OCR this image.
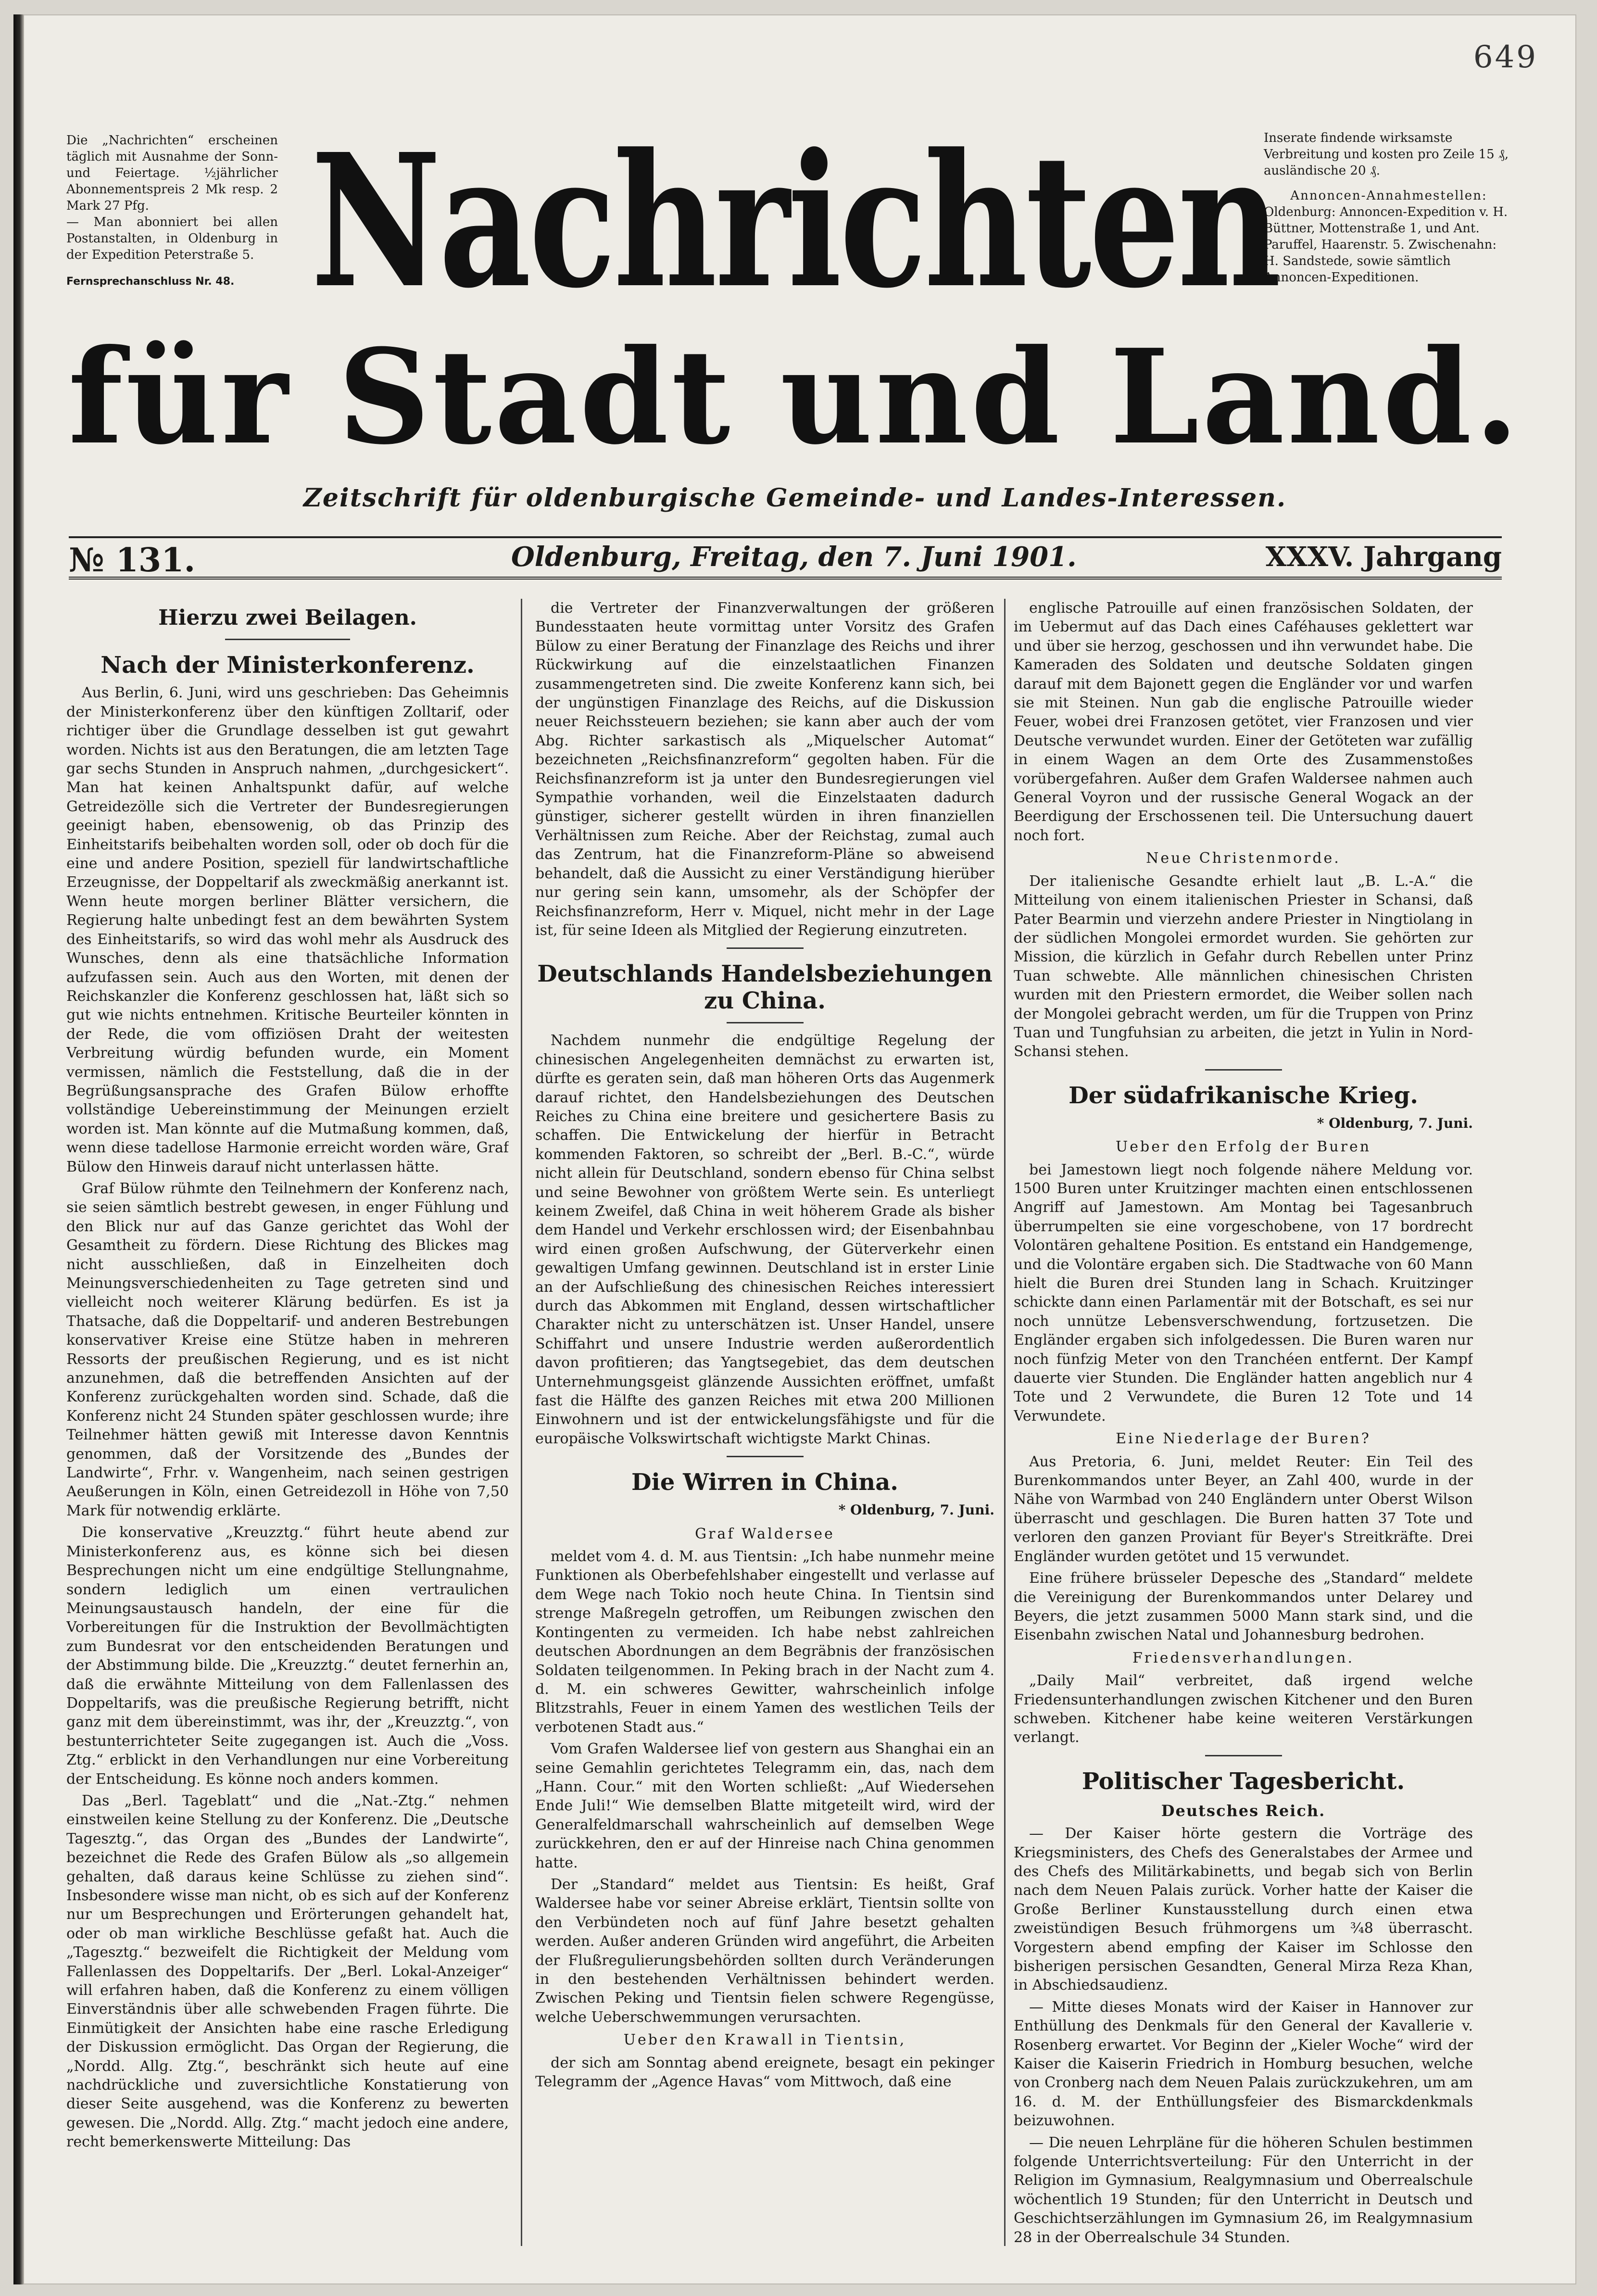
649
Die „Nachrichten“ erscheinen täglich mit Ausnahme der Sonn- und Feiertage. ½jährlicher Abonnementspreis 2 Mk resp. 2 Mark 27 Pfg.
— Man abonniert bei allen Postanstalten, in Oldenburg in der Expedition Peterstraße 5.
Fernsprechanschluss Nr. 48.
Inserate findende wirksamste Verbreitung und kosten pro Zeile 15 ₰, ausländische 20 ₰.
Annoncen-Annahmestellen:
Oldenburg: Annoncen-Expedition v. H. Büttner, Mottenstraße 1, und Ant. Paruffel, Haarenstr. 5. Zwischenahn: H. Sandstede, sowie sämtlich Annoncen-Expeditionen.
Nachrichten
für Stadt und Land.
Zeitschrift für oldenburgische Gemeinde- und Landes-Interessen.
№ 131.	Oldenburg, Freitag, den 7. Juni 1901.	XXXV. Jahrgang
Hierzu zwei Beilagen.
Nach der Ministerkonferenz.

Aus Berlin, 6. Juni, wird uns geschrieben: Das Geheimnis der Ministerkonferenz über den künftigen Zolltarif, oder richtiger über die Grundlage desselben ist gut gewahrt worden. Nichts ist aus den Beratungen, die am letzten Tage gar sechs Stunden in Anspruch nahmen, „durchgesickert“. Man hat keinen Anhaltspunkt dafür, auf welche Getreidezölle sich die Vertreter der Bundesregierungen geeinigt haben, ebensowenig, ob das Prinzip des Einheitstarifs beibehalten worden soll, oder ob doch für die eine und andere Position, speziell für landwirtschaftliche Erzeugnisse, der Doppeltarif als zweckmäßig anerkannt ist. Wenn heute morgen berliner Blätter versichern, die Regierung halte unbedingt fest an dem bewährten System des Einheitstarifs, so wird das wohl mehr als Ausdruck des Wunsches, denn als eine thatsächliche Information aufzufassen sein. Auch aus den Worten, mit denen der Reichskanzler die Konferenz geschlossen hat, läßt sich so gut wie nichts entnehmen. Kritische Beurteiler könnten in der Rede, die vom offiziösen Draht der weitesten Verbreitung würdig befunden wurde, ein Moment vermissen, nämlich die Feststellung, daß die in der Begrüßungsansprache des Grafen Bülow erhoffte vollständige Uebereinstimmung der Meinungen erzielt worden ist. Man könnte auf die Mutmaßung kommen, daß, wenn diese tadellose Harmonie erreicht worden wäre, Graf Bülow den Hinweis darauf nicht unterlassen hätte.

Graf Bülow rühmte den Teilnehmern der Konferenz nach, sie seien sämtlich bestrebt gewesen, in enger Fühlung und den Blick nur auf das Ganze gerichtet das Wohl der Gesamtheit zu fördern. Diese Richtung des Blickes mag nicht ausschließen, daß in Einzelheiten doch Meinungsverschiedenheiten zu Tage getreten sind und vielleicht noch weiterer Klärung bedürfen. Es ist ja Thatsache, daß die Doppeltarif- und anderen Bestrebungen konservativer Kreise eine Stütze haben in mehreren Ressorts der preußischen Regierung, und es ist nicht anzunehmen, daß die betreffenden Ansichten auf der Konferenz zurückgehalten worden sind. Schade, daß die Konferenz nicht 24 Stunden später geschlossen wurde; ihre Teilnehmer hätten gewiß mit Interesse davon Kenntnis genommen, daß der Vorsitzende des „Bundes der Landwirte“, Frhr. v. Wangenheim, nach seinen gestrigen Aeußerungen in Köln, einen Getreidezoll in Höhe von 7,50 Mark für notwendig erklärte.

Die konservative „Kreuzztg.“ führt heute abend zur Ministerkonferenz aus, es könne sich bei diesen Besprechungen nicht um eine endgültige Stellungnahme, sondern lediglich um einen vertraulichen Meinungsaustausch handeln, der eine für die Vorbereitungen für die Instruktion der Bevollmächtigten zum Bundesrat vor den entscheidenden Beratungen und der Abstimmung bilde. Die „Kreuzztg.“ deutet fernerhin an, daß die erwähnte Mitteilung von dem Fallenlassen des Doppeltarifs, was die preußische Regierung betrifft, nicht ganz mit dem übereinstimmt, was ihr, der „Kreuzztg.“, von bestunterrichteter Seite zugegangen ist. Auch die „Voss. Ztg.“ erblickt in den Verhandlungen nur eine Vorbereitung der Entscheidung. Es könne noch anders kommen.

Das „Berl. Tageblatt“ und die „Nat.-Ztg.“ nehmen einstweilen keine Stellung zu der Konferenz. Die „Deutsche Tagesztg.“, das Organ des „Bundes der Landwirte“, bezeichnet die Rede des Grafen Bülow als „so allgemein gehalten, daß daraus keine Schlüsse zu ziehen sind“. Insbesondere wisse man nicht, ob es sich auf der Konferenz nur um Besprechungen und Erörterungen gehandelt hat, oder ob man wirkliche Beschlüsse gefaßt hat. Auch die „Tagesztg.“ bezweifelt die Richtigkeit der Meldung vom Fallenlassen des Doppeltarifs. Der „Berl. Lokal-Anzeiger“ will erfahren haben, daß die Konferenz zu einem völligen Einverständnis über alle schwebenden Fragen führte. Die Einmütigkeit der Ansichten habe eine rasche Erledigung der Diskussion ermöglicht. Das Organ der Regierung, die „Nordd. Allg. Ztg.“, beschränkt sich heute auf eine nachdrückliche und zuversichtliche Konstatierung von dieser Seite ausgehend, was die Konferenz zu bewerten gewesen. Die „Nordd. Allg. Ztg.“ macht jedoch eine andere, recht bemerkenswerte Mitteilung: Das

die Vertreter der Finanzverwaltungen der größeren Bundesstaaten heute vormittag unter Vorsitz des Grafen Bülow zu einer Beratung der Finanzlage des Reichs und ihrer Rückwirkung auf die einzelstaatlichen Finanzen zusammengetreten sind. Die zweite Konferenz kann sich, bei der ungünstigen Finanzlage des Reichs, auf die Diskussion neuer Reichssteuern beziehen; sie kann aber auch der vom Abg. Richter sarkastisch als „Miquelscher Automat“ bezeichneten „Reichsfinanzreform“ gegolten haben. Für die Reichsfinanzreform ist ja unter den Bundesregierungen viel Sympathie vorhanden, weil die Einzelstaaten dadurch günstiger, sicherer gestellt würden in ihren finanziellen Verhältnissen zum Reiche. Aber der Reichstag, zumal auch das Zentrum, hat die Finanzreform-Pläne so abweisend behandelt, daß die Aussicht zu einer Verständigung hierüber nur gering sein kann, umsomehr, als der Schöpfer der Reichsfinanzreform, Herr v. Miquel, nicht mehr in der Lage ist, für seine Ideen als Mitglied der Regierung einzutreten.

Deutschlands Handelsbeziehungen zu China.

Nachdem nunmehr die endgültige Regelung der chinesischen Angelegenheiten demnächst zu erwarten ist, dürfte es geraten sein, daß man höheren Orts das Augenmerk darauf richtet, den Handelsbeziehungen des Deutschen Reiches zu China eine breitere und gesichertere Basis zu schaffen. Die Entwickelung der hierfür in Betracht kommenden Faktoren, so schreibt der „Berl. B.-C.“, würde nicht allein für Deutschland, sondern ebenso für China selbst und seine Bewohner von größtem Werte sein. Es unterliegt keinem Zweifel, daß China in weit höherem Grade als bisher dem Handel und Verkehr erschlossen wird; der Eisenbahnbau wird einen großen Aufschwung, der Güterverkehr einen gewaltigen Umfang gewinnen. Deutschland ist in erster Linie an der Aufschließung des chinesischen Reiches interessiert durch das Abkommen mit England, dessen wirtschaftlicher Charakter nicht zu unterschätzen ist. Unser Handel, unsere Schiffahrt und unsere Industrie werden außerordentlich davon profitieren; das Yangtsegebiet, das dem deutschen Unternehmungsgeist glänzende Aussichten eröffnet, umfaßt fast die Hälfte des ganzen Reiches mit etwa 200 Millionen Einwohnern und ist der entwickelungsfähigste und für die europäische Volkswirtschaft wichtigste Markt Chinas.

Die Wirren in China.
* Oldenburg, 7. Juni.
Graf Waldersee

meldet vom 4. d. M. aus Tientsin: „Ich habe nunmehr meine Funktionen als Oberbefehlshaber eingestellt und verlasse auf dem Wege nach Tokio noch heute China. In Tientsin sind strenge Maßregeln getroffen, um Reibungen zwischen den Kontingenten zu vermeiden. Ich habe nebst zahlreichen deutschen Abordnungen an dem Begräbnis der französischen Soldaten teilgenommen. In Peking brach in der Nacht zum 4. d. M. ein schweres Gewitter, wahrscheinlich infolge Blitzstrahls, Feuer in einem Yamen des westlichen Teils der verbotenen Stadt aus.“

Vom Grafen Waldersee lief von gestern aus Shanghai ein an seine Gemahlin gerichtetes Telegramm ein, das, nach dem „Hann. Cour.“ mit den Worten schließt: „Auf Wiedersehen Ende Juli!“ Wie demselben Blatte mitgeteilt wird, wird der Generalfeldmarschall wahrscheinlich auf demselben Wege zurückkehren, den er auf der Hinreise nach China genommen hatte.

Der „Standard“ meldet aus Tientsin: Es heißt, Graf Waldersee habe vor seiner Abreise erklärt, Tientsin sollte von den Verbündeten noch auf fünf Jahre besetzt gehalten werden. Außer anderen Gründen wird angeführt, die Arbeiten der Flußregulierungsbehörden sollten durch Veränderungen in den bestehenden Verhältnissen behindert werden. Zwischen Peking und Tientsin fielen schwere Regengüsse, welche Ueberschwemmungen verursachten.

Ueber den Krawall in Tientsin,

der sich am Sonntag abend ereignete, besagt ein pekinger Telegramm der „Agence Havas“ vom Mittwoch, daß eine

englische Patrouille auf einen französischen Soldaten, der im Uebermut auf das Dach eines Caféhauses geklettert war und über sie herzog, geschossen und ihn verwundet habe. Die Kameraden des Soldaten und deutsche Soldaten gingen darauf mit dem Bajonett gegen die Engländer vor und warfen sie mit Steinen. Nun gab die englische Patrouille wieder Feuer, wobei drei Franzosen getötet, vier Franzosen und vier Deutsche verwundet wurden. Einer der Getöteten war zufällig in einem Wagen an dem Orte des Zusammenstoßes vorübergefahren. Außer dem Grafen Waldersee nahmen auch General Voyron und der russische General Wogack an der Beerdigung der Erschossenen teil. Die Untersuchung dauert noch fort.

Neue Christenmorde.

Der italienische Gesandte erhielt laut „B. L.-A.“ die Mitteilung von einem italienischen Priester in Schansi, daß Pater Bearmin und vierzehn andere Priester in Ningtiolang in der südlichen Mongolei ermordet wurden. Sie gehörten zur Mission, die kürzlich in Gefahr durch Rebellen unter Prinz Tuan schwebte. Alle männlichen chinesischen Christen wurden mit den Priestern ermordet, die Weiber sollen nach der Mongolei gebracht werden, um für die Truppen von Prinz Tuan und Tungfuhsian zu arbeiten, die jetzt in Yulin in Nord-Schansi stehen.

Der südafrikanische Krieg.
* Oldenburg, 7. Juni.
Ueber den Erfolg der Buren

bei Jamestown liegt noch folgende nähere Meldung vor. 1500 Buren unter Kruitzinger machten einen entschlossenen Angriff auf Jamestown. Am Montag bei Tagesanbruch überrumpelten sie eine vorgeschobene, von 17 bordrecht Volontären gehaltene Position. Es entstand ein Handgemenge, und die Volontäre ergaben sich. Die Stadtwache von 60 Mann hielt die Buren drei Stunden lang in Schach. Kruitzinger schickte dann einen Parlamentär mit der Botschaft, es sei nur noch unnütze Lebensverschwendung, fortzusetzen. Die Engländer ergaben sich infolgedessen. Die Buren waren nur noch fünfzig Meter von den Tranchéen entfernt. Der Kampf dauerte vier Stunden. Die Engländer hatten angeblich nur 4 Tote und 2 Verwundete, die Buren 12 Tote und 14 Verwundete.

Eine Niederlage der Buren?

Aus Pretoria, 6. Juni, meldet Reuter: Ein Teil des Burenkommandos unter Beyer, an Zahl 400, wurde in der Nähe von Warmbad von 240 Engländern unter Oberst Wilson überrascht und geschlagen. Die Buren hatten 37 Tote und verloren den ganzen Proviant für Beyer's Streitkräfte. Drei Engländer wurden getötet und 15 verwundet.

Eine frühere brüsseler Depesche des „Standard“ meldete die Vereinigung der Burenkommandos unter Delarey und Beyers, die jetzt zusammen 5000 Mann stark sind, und die Eisenbahn zwischen Natal und Johannesburg bedrohen.

Friedensverhandlungen.

„Daily Mail“ verbreitet, daß irgend welche Friedensunterhandlungen zwischen Kitchener und den Buren schweben. Kitchener habe keine weiteren Verstärkungen verlangt.

Politischer Tagesbericht.
Deutsches Reich.

— Der Kaiser hörte gestern die Vorträge des Kriegsministers, des Chefs des Generalstabes der Armee und des Chefs des Militärkabinetts, und begab sich von Berlin nach dem Neuen Palais zurück. Vorher hatte der Kaiser die Große Berliner Kunstausstellung durch einen etwa zweistündigen Besuch frühmorgens um ¾8 überrascht. Vorgestern abend empfing der Kaiser im Schlosse den bisherigen persischen Gesandten, General Mirza Reza Khan, in Abschiedsaudienz.

— Mitte dieses Monats wird der Kaiser in Hannover zur Enthüllung des Denkmals für den General der Kavallerie v. Rosenberg erwartet. Vor Beginn der „Kieler Woche“ wird der Kaiser die Kaiserin Friedrich in Homburg besuchen, welche von Cronberg nach dem Neuen Palais zurückzukehren, um am 16. d. M. der Enthüllungsfeier des Bismarckdenkmals beizuwohnen.

— Die neuen Lehrpläne für die höheren Schulen bestimmen folgende Unterrichtsverteilung: Für den Unterricht in der Religion im Gymnasium, Realgymnasium und Oberrealschule wöchentlich 19 Stunden; für den Unterricht in Deutsch und Geschichtserzählungen im Gymnasium 26, im Realgymnasium 28 in der Oberrealschule 34 Stunden.
